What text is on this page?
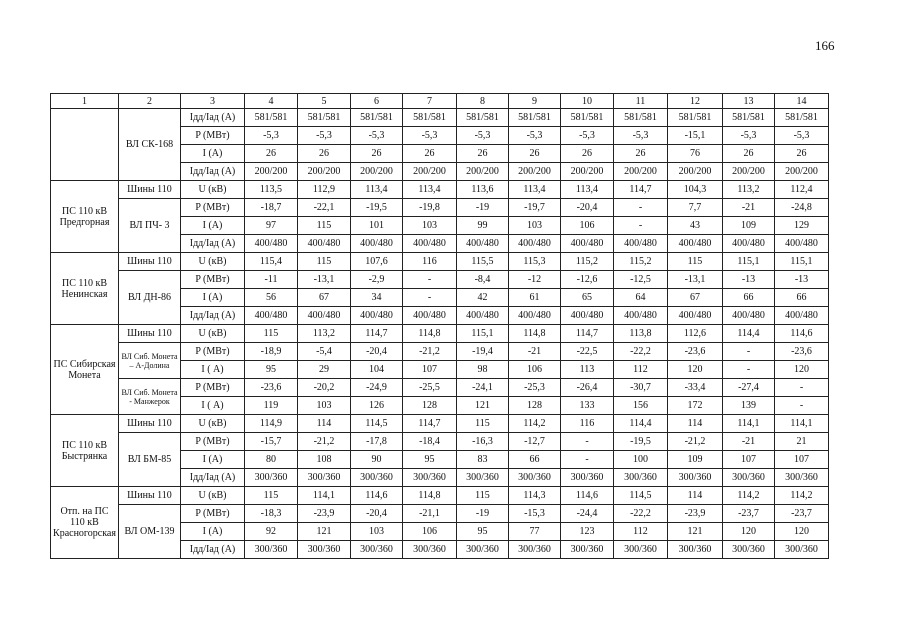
166
1	2	3	4	5	6	7	8	9	10	11	12	13	14
	ВЛ СК-168	Iдд/Iад (А)	581/581	581/581	581/581	581/581	581/581	581/581	581/581	581/581	581/581	581/581	581/581
		P (МВт)	-5,3	-5,3	-5,3	-5,3	-5,3	-5,3	-5,3	-5,3	-15,1	-5,3	-5,3
		I (А)	26	26	26	26	26	26	26	26	76	26	26
		Iдд/Iад (А)	200/200	200/200	200/200	200/200	200/200	200/200	200/200	200/200	200/200	200/200	200/200
ПС 110 кВ Предгорная	Шины 110	U (кВ)	113,5	112,9	113,4	113,4	113,6	113,4	113,4	114,7	104,3	113,2	112,4
	ВЛ ПЧ- 3	P (МВт)	-18,7	-22,1	-19,5	-19,8	-19	-19,7	-20,4	-	7,7	-21	-24,8
		I (А)	97	115	101	103	99	103	106	-	43	109	129
		Iдд/Iад (А)	400/480	400/480	400/480	400/480	400/480	400/480	400/480	400/480	400/480	400/480	400/480
ПС 110 кВ Ненинская	Шины 110	U (кВ)	115,4	115	107,6	116	115,5	115,3	115,2	115,2	115	115,1	115,1
	ВЛ ДН-86	P (МВт)	-11	-13,1	-2,9	-	-8,4	-12	-12,6	-12,5	-13,1	-13	-13
		I (А)	56	67	34	-	42	61	65	64	67	66	66
		Iдд/Iад (А)	400/480	400/480	400/480	400/480	400/480	400/480	400/480	400/480	400/480	400/480	400/480
ПС Сибирская Монета	Шины 110	U (кВ)	115	113,2	114,7	114,8	115,1	114,8	114,7	113,8	112,6	114,4	114,6
	ВЛ Сиб. Монета – А-Долина	P (МВт)	-18,9	-5,4	-20,4	-21,2	-19,4	-21	-22,5	-22,2	-23,6	-	-23,6
		I ( А)	95	29	104	107	98	106	113	112	120	-	120
	ВЛ Сиб. Монета - Манжерок	P (МВт)	-23,6	-20,2	-24,9	-25,5	-24,1	-25,3	-26,4	-30,7	-33,4	-27,4	-
		I ( А)	119	103	126	128	121	128	133	156	172	139	-
ПС 110 кВ Быстрянка	Шины 110	U (кВ)	114,9	114	114,5	114,7	115	114,2	116	114,4	114	114,1	114,1
	ВЛ БМ-85	P (МВт)	-15,7	-21,2	-17,8	-18,4	-16,3	-12,7	-	-19,5	-21,2	-21	21
		I (А)	80	108	90	95	83	66	-	100	109	107	107
		Iдд/Iад (А)	300/360	300/360	300/360	300/360	300/360	300/360	300/360	300/360	300/360	300/360	300/360
Отп. на ПС 110 кВ Красногорская	Шины 110	U (кВ)	115	114,1	114,6	114,8	115	114,3	114,6	114,5	114	114,2	114,2
	ВЛ ОМ-139	P (МВт)	-18,3	-23,9	-20,4	-21,1	-19	-15,3	-24,4	-22,2	-23,9	-23,7	-23,7
		I (А)	92	121	103	106	95	77	123	112	121	120	120
		Iдд/Iад (А)	300/360	300/360	300/360	300/360	300/360	300/360	300/360	300/360	300/360	300/360	300/360
